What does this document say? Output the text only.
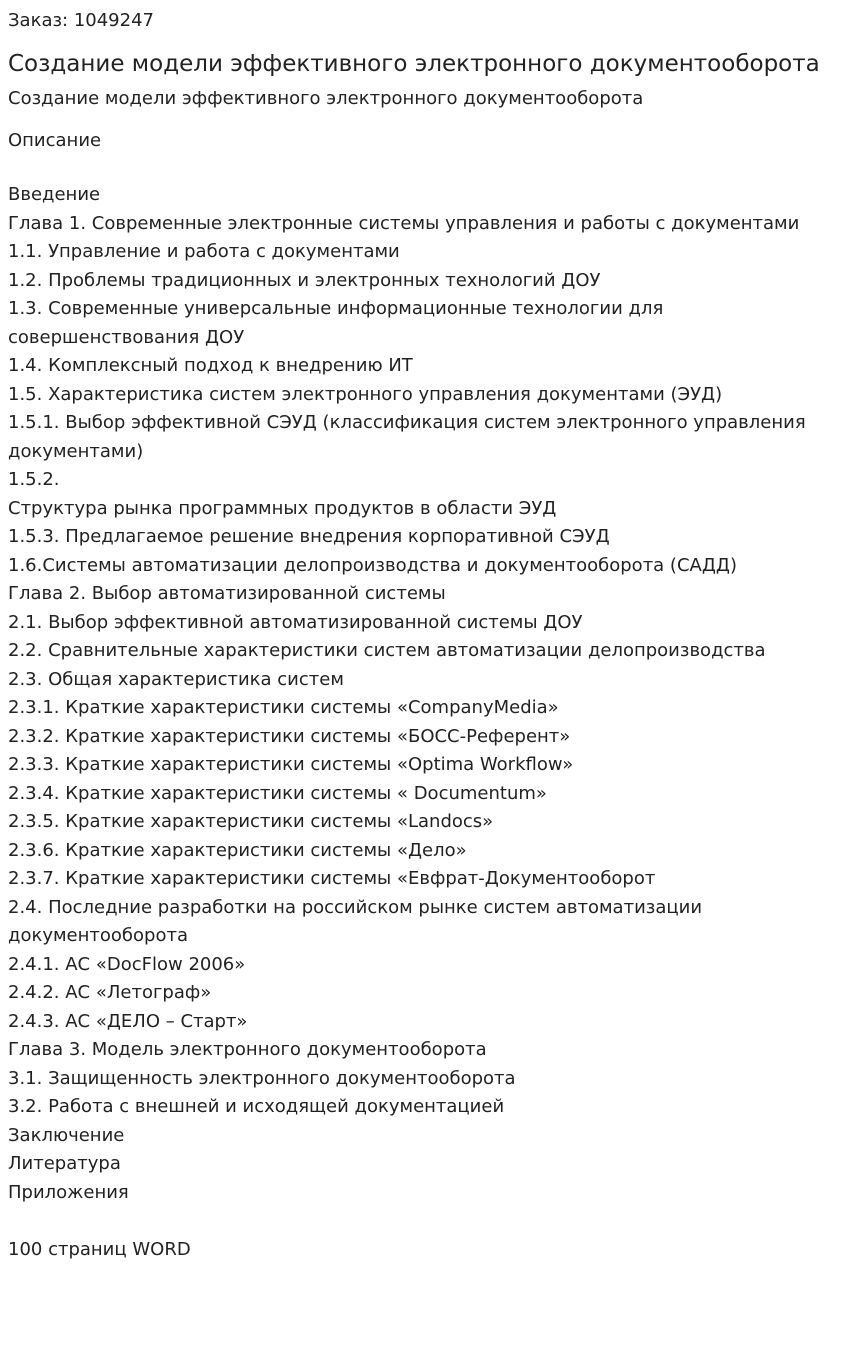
Заказ: 1049247
Создание модели эффективного электронного документооборота
Создание модели эффективного электронного документооборота
Описание
Введение
Глава 1. Современные электронные системы управления и работы с документами
1.1. Управление и работа с документами
1.2. Проблемы традиционных и электронных технологий ДОУ
1.3. Современные универсальные информационные технологии для совершенствования ДОУ
1.4. Комплексный подход к внедрению ИТ
1.5. Характеристика систем электронного управления документами (ЭУД)
1.5.1. Выбор эффективной СЭУД (классификация систем электронного управления документами)
1.5.2.
Структура рынка программных продуктов в области ЭУД
1.5.3. Предлагаемое решение внедрения корпоративной СЭУД
1.6.Системы автоматизации делопроизводства и документооборота (САДД)
Глава 2. Выбор автоматизированной системы
2.1. Выбор эффективной автоматизированной системы ДОУ
2.2. Сравнительные характеристики систем автоматизации делопроизводства
2.3. Общая характеристика систем
2.3.1. Краткие характеристики системы «CompanyMedia»
2.3.2. Краткие характеристики системы «БОСС-Референт»
2.3.3. Краткие характеристики системы «Optima Workflow»
2.3.4. Краткие характеристики системы « Documentum»
2.3.5. Краткие характеристики системы «Landocs»
2.3.6. Краткие характеристики системы «Дело»
2.3.7. Краткие характеристики системы «Евфрат-Документооборот
2.4. Последние разработки на российском рынке систем автоматизации документооборота
2.4.1. АС «DocFlow 2006»
2.4.2. АС «Летограф»
2.4.3. АС «ДЕЛО – Старт»
Глава 3. Модель электронного документооборота
3.1. Защищенность электронного документооборота
3.2. Работа с внешней и исходящей документацией
Заключение
Литература
Приложения
100 страниц WORD
